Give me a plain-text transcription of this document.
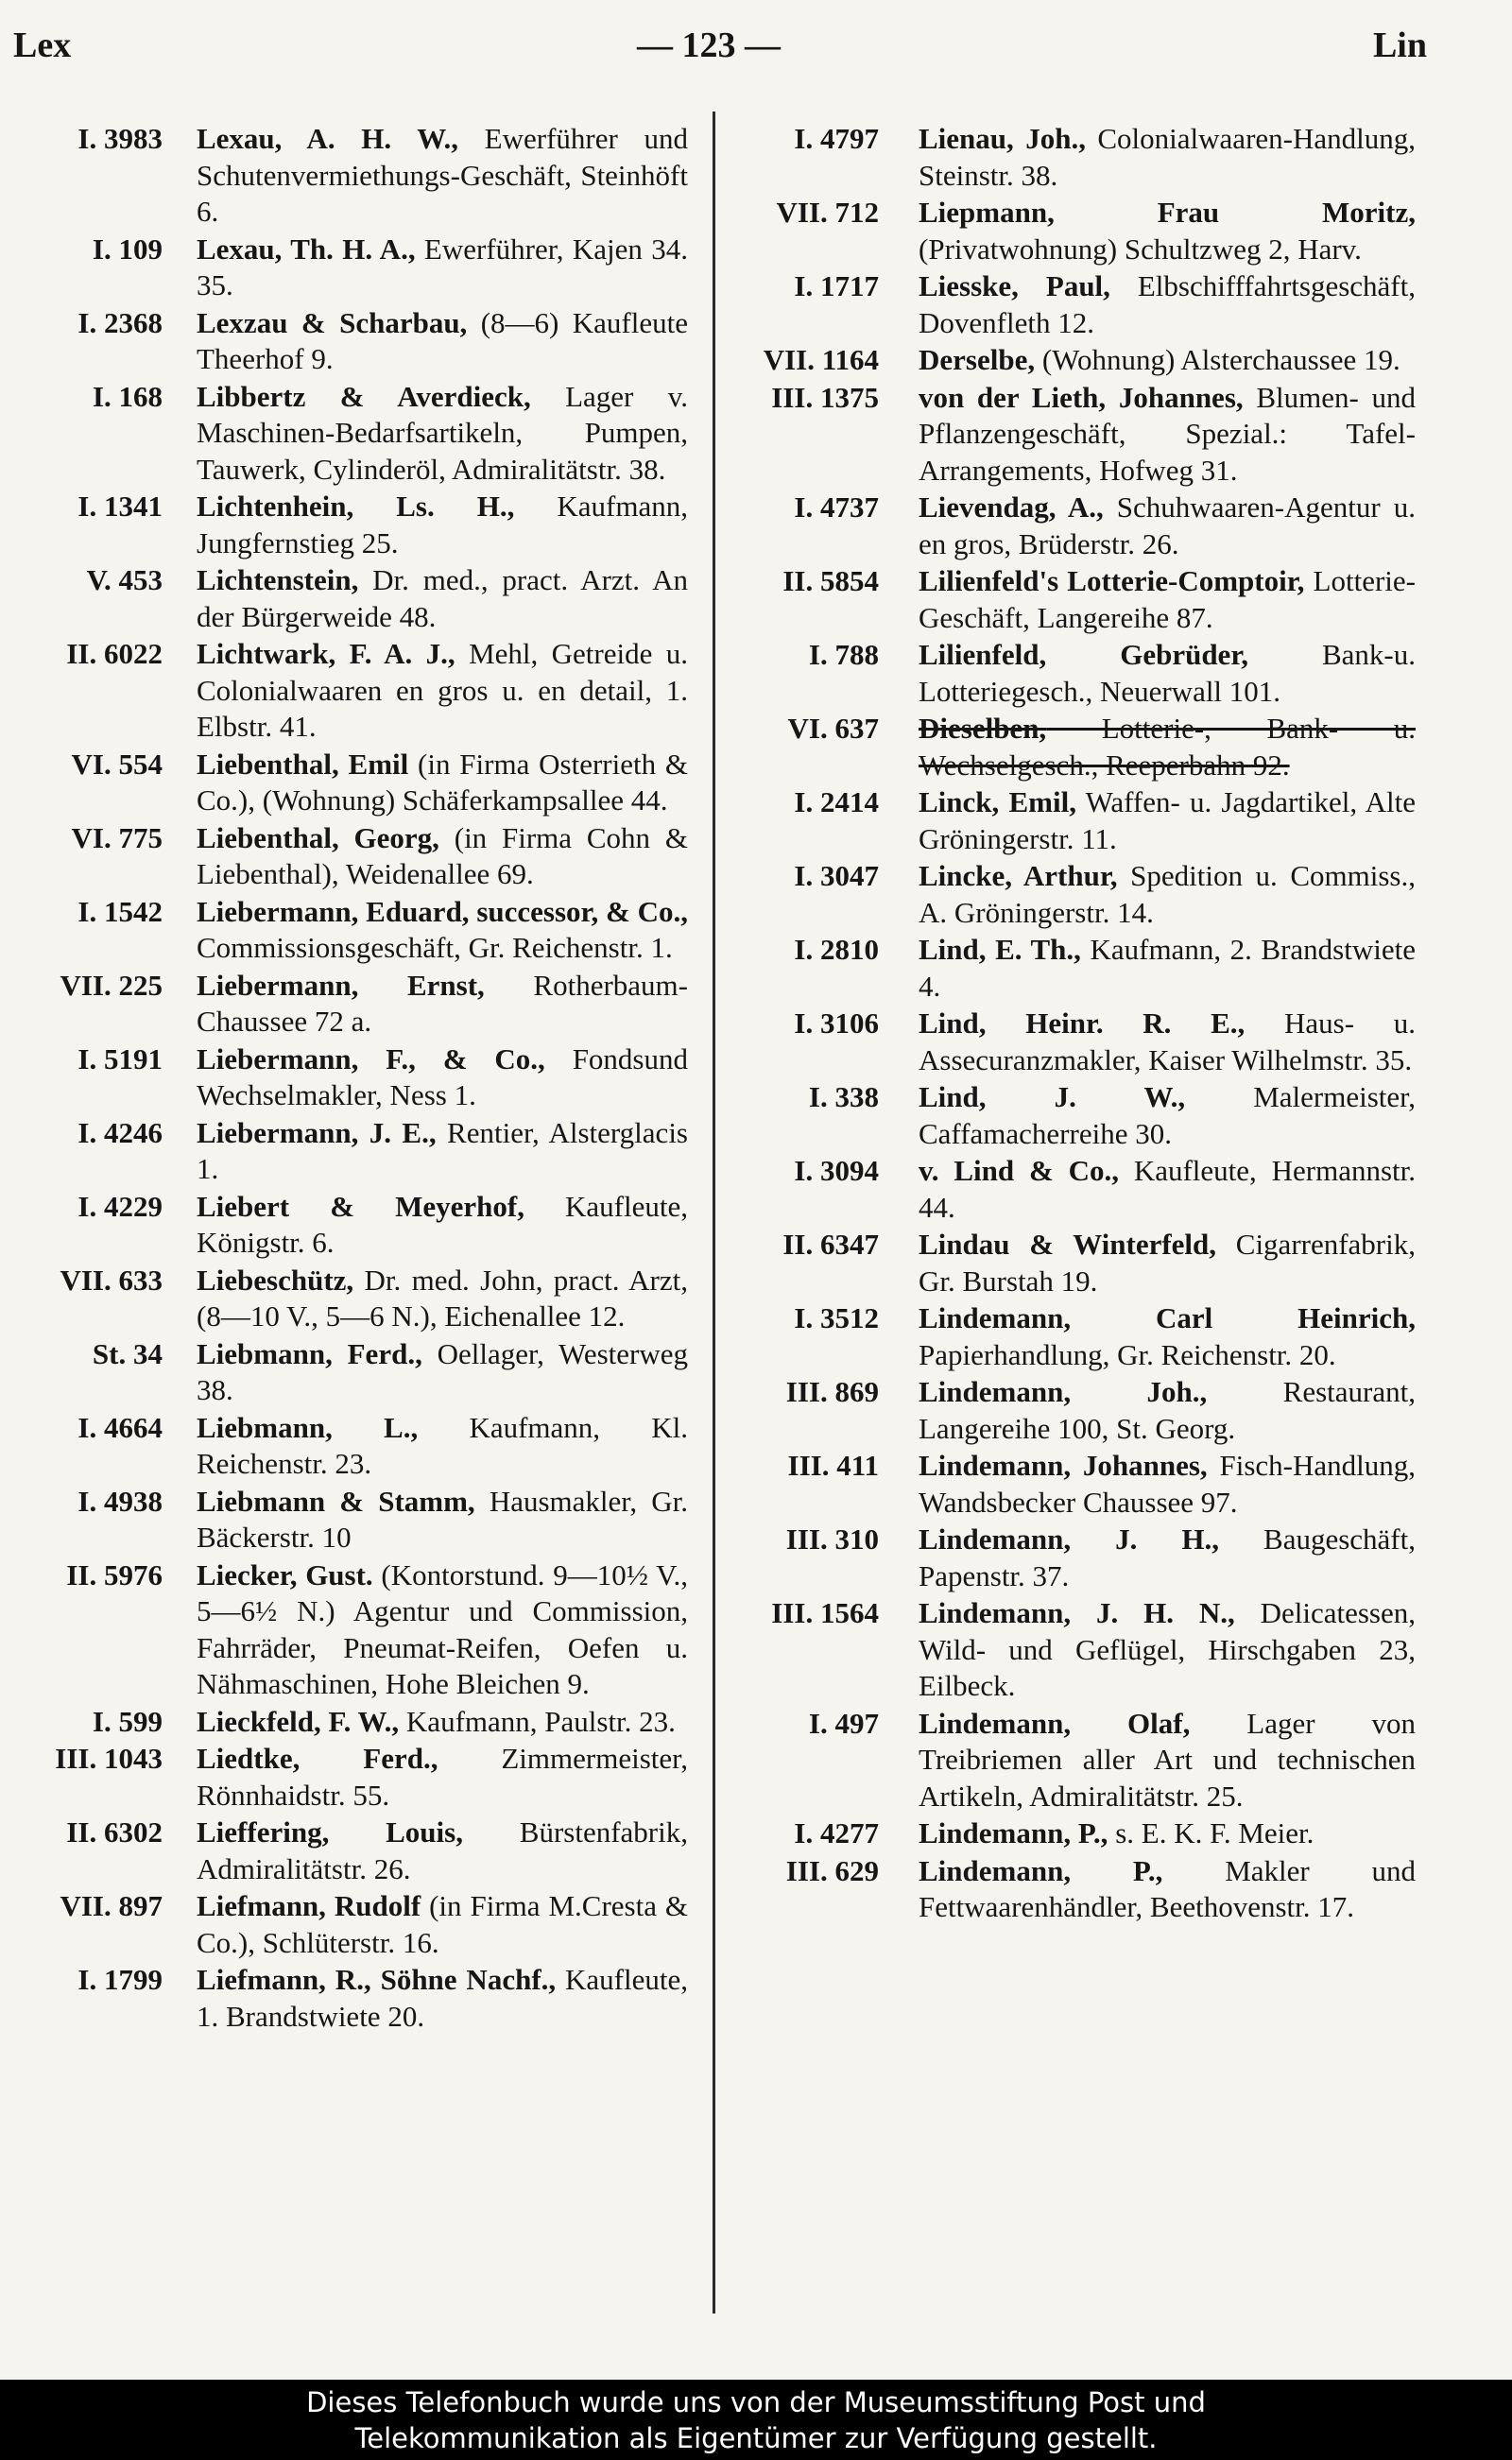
Lex	— 123 —	Lin
I. 3983 Lexau, A. H. W., Ewerführer und Schutenvermiethungs-Geschäft, Steinhöft 6.
I. 109 Lexau, Th. H. A., Ewerführer, Kajen 34. 35.
I. 2368 Lexzau & Scharbau, (8—6) Kaufleute Theerhof 9.
I. 168 Libbertz & Averdieck, Lager v. Maschinen-Bedarfsartikeln, Pumpen, Tauwerk, Cylinderöl, Admiralitätstr. 38.
I. 1341 Lichtenhein, Ls. H., Kaufmann, Jungfernstieg 25.
V. 453 Lichtenstein, Dr. med., pract. Arzt. An der Bürgerweide 48.
II. 6022 Lichtwark, F. A. J., Mehl, Getreide u. Colonialwaaren en gros u. en detail, 1. Elbstr. 41.
VI. 554 Liebenthal, Emil (in Firma Osterrieth & Co.), (Wohnung) Schäferkampsallee 44.
VI. 775 Liebenthal, Georg, (in Firma Cohn & Liebenthal), Weidenallee 69.
I. 1542 Liebermann, Eduard, successor, & Co., Commissionsgeschäft, Gr. Reichenstr. 1.
VII. 225 Liebermann, Ernst, Rotherbaum-Chaussee 72 a.
I. 5191 Liebermann, F., & Co., Fondsund Wechselmakler, Ness 1.
I. 4246 Liebermann, J. E., Rentier, Alsterglacis 1.
I. 4229 Liebert & Meyerhof, Kaufleute, Königstr. 6.
VII. 633 Liebeschütz, Dr. med. John, pract. Arzt, (8—10 V., 5—6 N.), Eichenallee 12.
St. 34 Liebmann, Ferd., Oellager, Westerweg 38.
I. 4664 Liebmann, L., Kaufmann, Kl. Reichenstr. 23.
I. 4938 Liebmann & Stamm, Hausmakler, Gr. Bäckerstr. 10
II. 5976 Liecker, Gust. (Kontorstund. 9—10½ V., 5—6½ N.) Agentur und Commission, Fahrräder, Pneumat-Reifen, Oefen u. Nähmaschinen, Hohe Bleichen 9.
I. 599 Lieckfeld, F. W., Kaufmann, Paulstr. 23.
III. 1043 Liedtke, Ferd., Zimmermeister, Rönnhaidstr. 55.
II. 6302 Lieffering, Louis, Bürstenfabrik, Admiralitätstr. 26.
VII. 897 Liefmann, Rudolf (in Firma M.Cresta & Co.), Schlüterstr. 16.
I. 1799 Liefmann, R., Söhne Nachf., Kaufleute, 1. Brandstwiete 20.
I. 4797 Lienau, Joh., Colonialwaaren-Handlung, Steinstr. 38.
VII. 712 Liepmann, Frau Moritz, (Privatwohnung) Schultzweg 2, Harv.
I. 1717 Liesske, Paul, Elbschifffahrtsgeschäft, Dovenfleth 12.
VII. 1164 Derselbe, (Wohnung) Alsterchaussee 19.
III. 1375 von der Lieth, Johannes, Blumen- und Pflanzengeschäft, Spezial.: Tafel-Arrangements, Hofweg 31.
I. 4737 Lievendag, A., Schuhwaaren-Agentur u. en gros, Brüderstr. 26.
II. 5854 Lilienfeld's Lotterie-Comptoir, Lotterie-Geschäft, Langereihe 87.
I. 788 Lilienfeld, Gebrüder, Bank-u. Lotteriegesch., Neuerwall 101.
VI. 637 Dieselben, Lotterie-, Bank- u. Wechselgesch., Reeperbahn 92.
I. 2414 Linck, Emil, Waffen- u. Jagdartikel, Alte Gröningerstr. 11.
I. 3047 Lincke, Arthur, Spedition u. Commiss., A. Gröningerstr. 14.
I. 2810 Lind, E. Th., Kaufmann, 2. Brandstwiete 4.
I. 3106 Lind, Heinr. R. E., Haus- u. Assecuranzmakler, Kaiser Wilhelmstr. 35.
I. 338 Lind, J. W., Malermeister, Caffamacherreihe 30.
I. 3094 v. Lind & Co., Kaufleute, Hermannstr. 44.
II. 6347 Lindau & Winterfeld, Cigarrenfabrik, Gr. Burstah 19.
I. 3512 Lindemann, Carl Heinrich, Papierhandlung, Gr. Reichenstr. 20.
III. 869 Lindemann, Joh., Restaurant, Langereihe 100, St. Georg.
III. 411 Lindemann, Johannes, Fisch-Handlung, Wandsbecker Chaussee 97.
III. 310 Lindemann, J. H., Baugeschäft, Papenstr. 37.
III. 1564 Lindemann, J. H. N., Delicatessen, Wild- und Geflügel, Hirschgaben 23, Eilbeck.
I. 497 Lindemann, Olaf, Lager von Treibriemen aller Art und technischen Artikeln, Admiralitätstr. 25.
I. 4277 Lindemann, P., s. E. K. F. Meier.
III. 629 Lindemann, P., Makler und Fettwaarenhändler, Beethovenstr. 17.
Dieses Telefonbuch wurde uns von der Museumsstiftung Post und
Telekommunikation als Eigentümer zur Verfügung gestellt.
